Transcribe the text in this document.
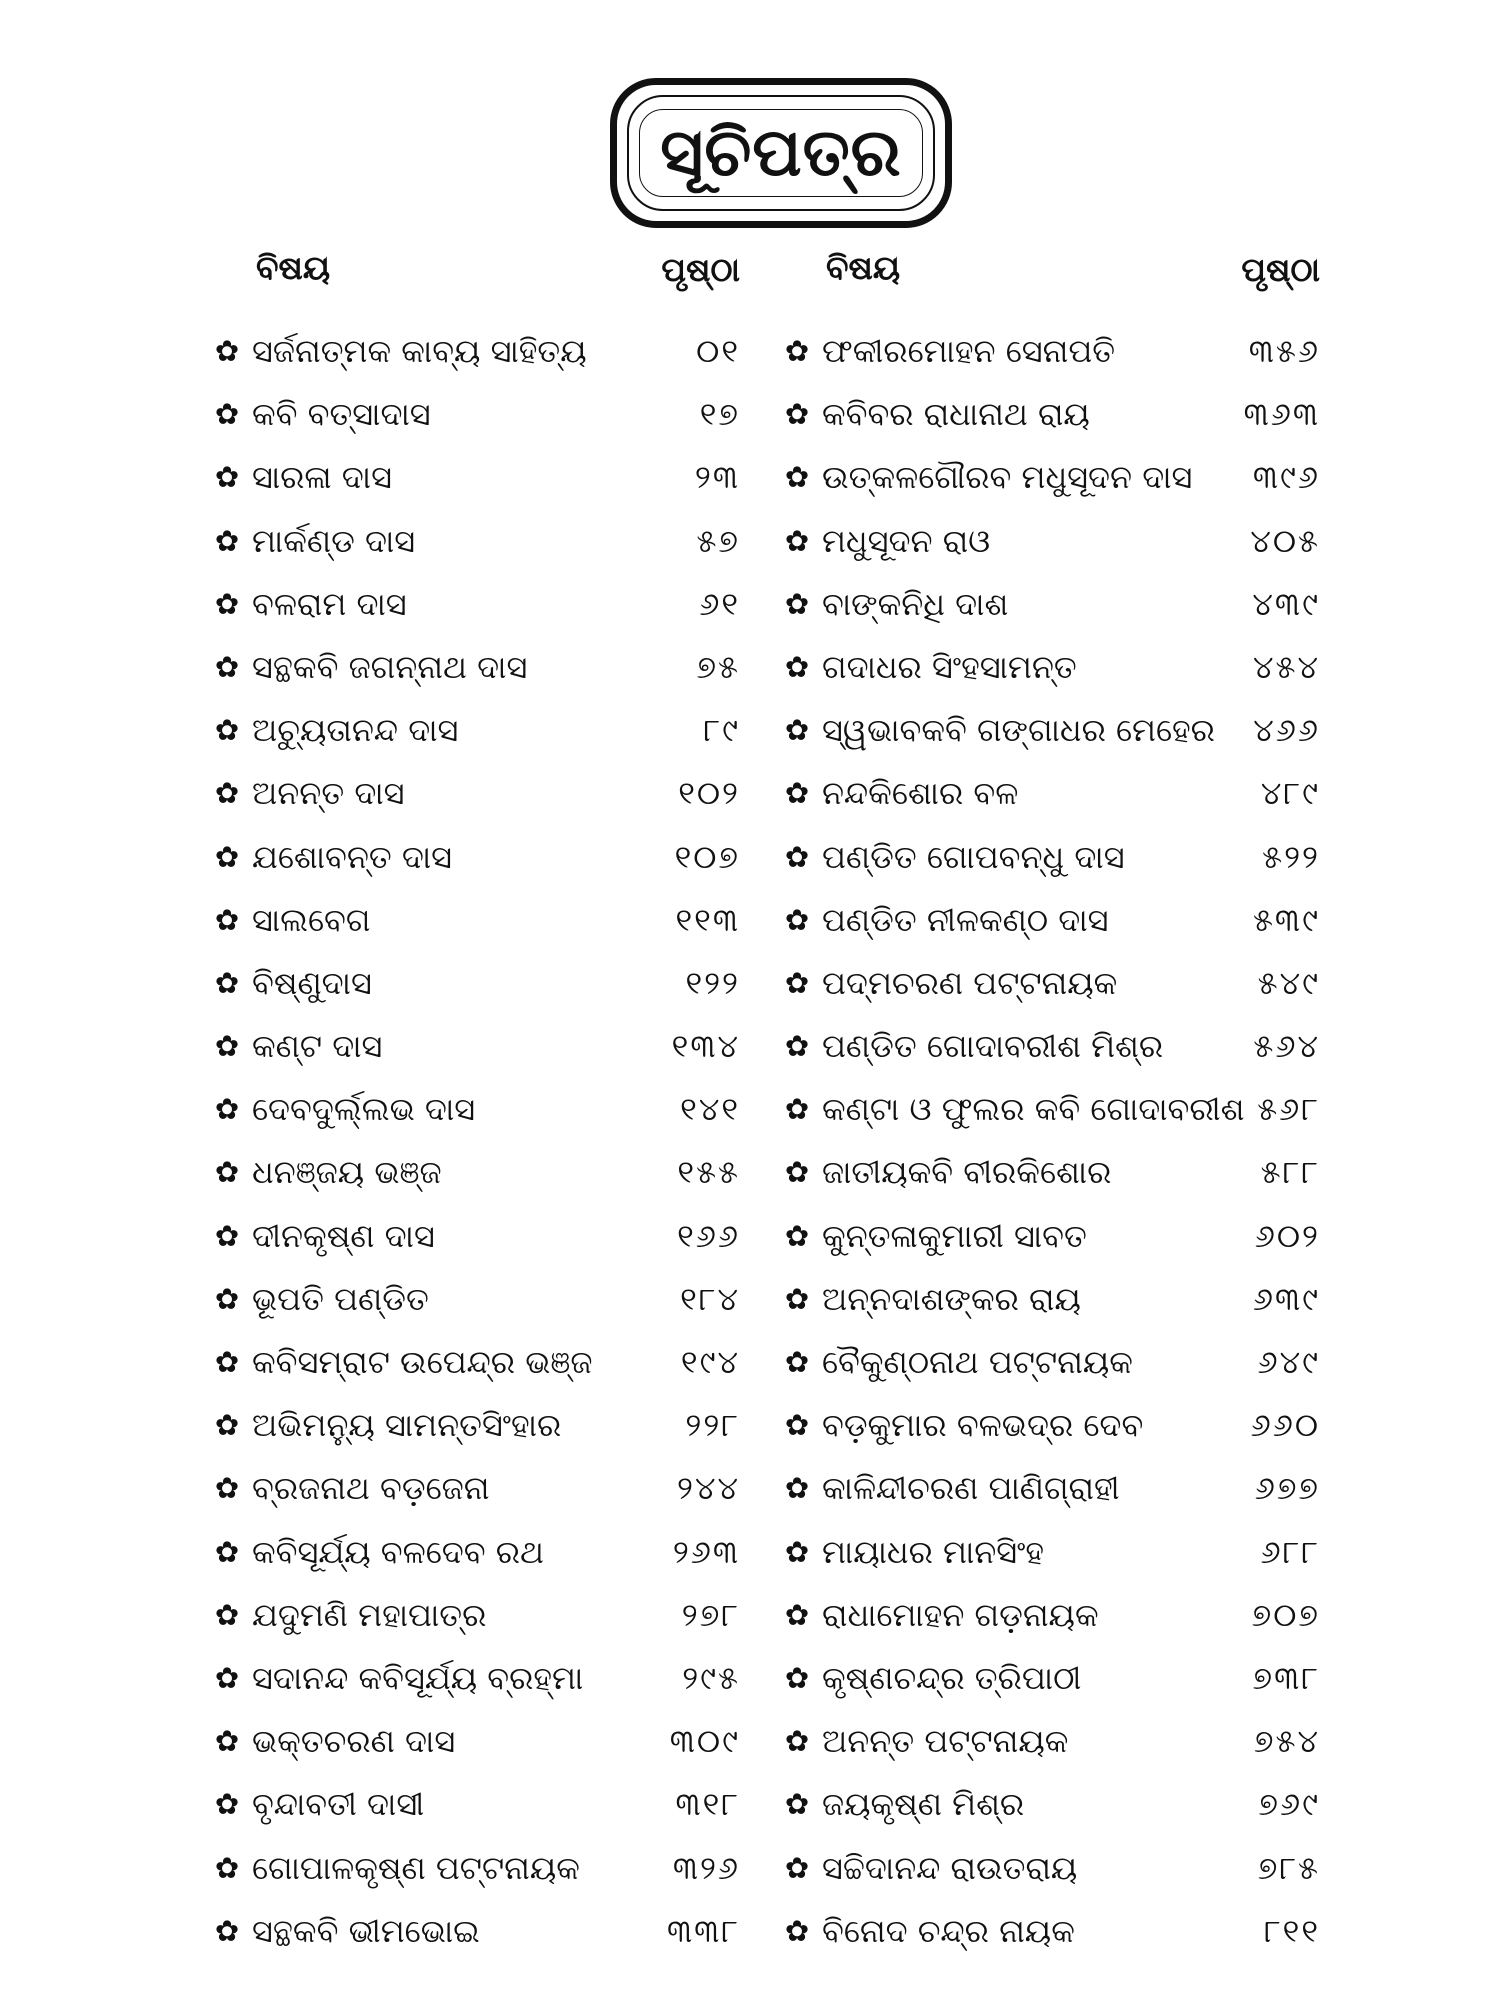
ସୂଚିପତ୍ର
ବିଷୟ	ପୃଷ୍ଠା
✿ ସର୍ଜନାତ୍ମକ କାବ୍ୟ ସାହିତ୍ୟ	୦୧
✿ କବି ବତ୍ସାଦାସ	୧୭
✿ ସାରଳା ଦାସ	୨୩
✿ ମାର୍କଣ୍ଡ ଦାସ	୫୭
✿ ବଳରାମ ଦାସ	୬୧
✿ ସନ୍ଥକବି ଜଗନ୍ନାଥ ଦାସ	୭୫
✿ ଅଚ୍ୟୁତାନନ୍ଦ ଦାସ	୮୯
✿ ଅନନ୍ତ ଦାସ	୧୦୨
✿ ଯଶୋବନ୍ତ ଦାସ	୧୦୭
✿ ସାଲବେଗ	୧୧୩
✿ ବିଷ୍ଣୁଦାସ	୧୨୨
✿ କଣ୍ଟ ଦାସ	୧୩୪
✿ ଦେବଦୁର୍ଲ୍ଲଭ ଦାସ	୧୪୧
✿ ଧନଞ୍ଜୟ ଭଞ୍ଜ	୧୫୫
✿ ଦୀନକୃଷ୍ଣ ଦାସ	୧୬୬
✿ ଭୂପତି ପଣ୍ଡିତ	୧୮୪
✿ କବିସମ୍ରାଟ ଉପେନ୍ଦ୍ର ଭଞ୍ଜ	୧୯୪
✿ ଅଭିମନ୍ୟୁ ସାମନ୍ତସିଂହାର	୨୨୮
✿ ବ୍ରଜନାଥ ବଡ଼ଜେନା	୨୪୪
✿ କବିସୂର୍ଯ୍ୟ ବଳଦେବ ରଥ	୨୬୩
✿ ଯଦୁମଣି ମହାପାତ୍ର	୨୭୮
✿ ସଦାନନ୍ଦ କବିସୂର୍ଯ୍ୟ ବ୍ରହ୍ମା	୨୯୫
✿ ଭକ୍ତଚରଣ ଦାସ	୩୦୯
✿ ବୃନ୍ଦାବତୀ ଦାସୀ	୩୧୮
✿ ଗୋପାଳକୃଷ୍ଣ ପଟ୍ଟନାୟକ	୩୨୬
✿ ସନ୍ଥକବି ଭୀମଭୋଇ	୩୩୮
ବିଷୟ	ପୃଷ୍ଠା
✿ ଫକୀରମୋହନ ସେନାପତି	୩୫୬
✿ କବିବର ରାଧାନାଥ ରାୟ	୩୬୩
✿ ଉତ୍କଳଗୌରବ ମଧୁସୂଦନ ଦାସ ୩୯୬
✿ ମଧୁସୂଦନ ରାଓ	୪୦୫
✿ ବାଙ୍କନିଧି ଦାଶ	୪୩୯
✿ ଗଦାଧର ସିଂହସାମନ୍ତ	୪୫୪
✿ ସ୍ୱଭାବକବି ଗଙ୍ଗାଧର ମେହେର ୪୬୬
✿ ନନ୍ଦକିଶୋର ବଳ	୪୮୯
✿ ପଣ୍ଡିତ ଗୋପବନ୍ଧୁ ଦାସ	୫୨୨
✿ ପଣ୍ଡିତ ନୀଳକଣ୍ଠ ଦାସ	୫୩୯
✿ ପଦ୍ମଚରଣ ପଟ୍ଟନାୟକ	୫୪୯
✿ ପଣ୍ଡିତ ଗୋଦାବରୀଶ ମିଶ୍ର	୫୬୪
✿ କଣ୍ଟା ଓ ଫୁଲର କବି ଗୋଦାବରୀଶ ୫୬୮
✿ ଜାତୀୟକବି ବୀରକିଶୋର	୫୮୮
✿ କୁନ୍ତଳାକୁମାରୀ ସାବତ	୬୦୨
✿ ଅନ୍ନଦାଶଙ୍କର ରାୟ	୬୩୯
✿ ବୈକୁଣ୍ଠନାଥ ପଟ୍ଟନାୟକ	୬୪୯
✿ ବଡ଼କୁମାର ବଳଭଦ୍ର ଦେବ	୬୬୦
✿ କାଳିନ୍ଦୀଚରଣ ପାଣିଗ୍ରାହୀ	୬୭୭
✿ ମାୟାଧର ମାନସିଂହ	୬୮୮
✿ ରାଧାମୋହନ ଗଡ଼ନାୟକ	୭୦୭
✿ କୃଷ୍ଣଚନ୍ଦ୍ର ତ୍ରିପାଠୀ	୭୩୮
✿ ଅନନ୍ତ ପଟ୍ଟନାୟକ	୭୫୪
✿ ଜୟକୃଷ୍ଣ ମିଶ୍ର	୭୬୯
✿ ସଚ୍ଚିଦାନନ୍ଦ ରାଉତରାୟ	୭୮୫
✿ ବିନୋଦ ଚନ୍ଦ୍ର ନାୟକ	୮୧୧
